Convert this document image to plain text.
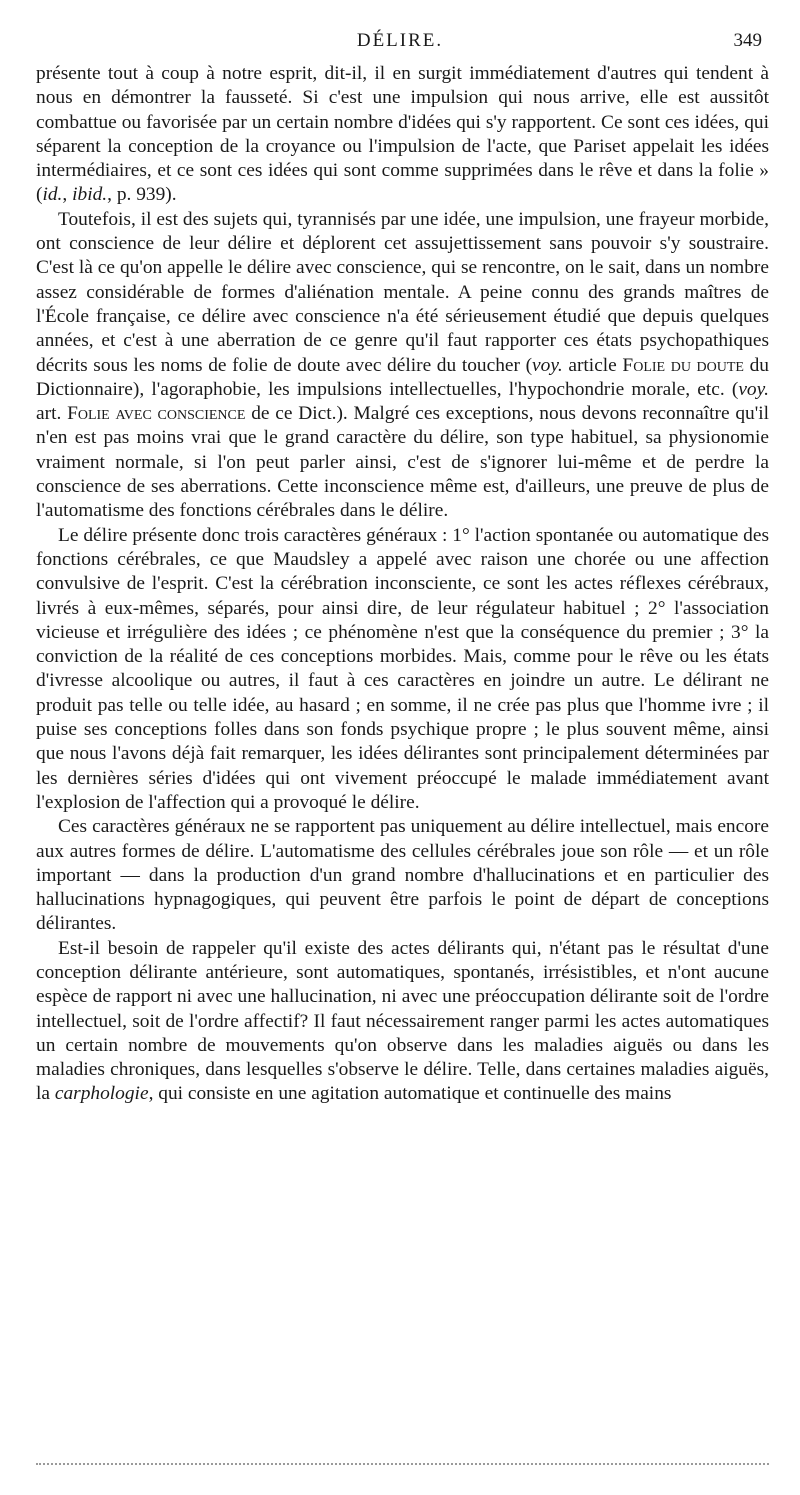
DÉLIRE.	349

présente tout à coup à notre esprit, dit-il, il en surgit immédiatement d'autres qui tendent à nous en démontrer la fausseté. Si c'est une impulsion qui nous arrive, elle est aussitôt combattue ou favorisée par un certain nombre d'idées qui s'y rapportent. Ce sont ces idées, qui séparent la conception de la croyance ou l'impulsion de l'acte, que Pariset appelait les idées intermédiaires, et ce sont ces idées qui sont comme supprimées dans le rêve et dans la folie » (id., ibid., p. 939).

Toutefois, il est des sujets qui, tyrannisés par une idée, une impulsion, une frayeur morbide, ont conscience de leur délire et déplorent cet assujettissement sans pouvoir s'y soustraire. C'est là ce qu'on appelle le délire avec conscience, qui se rencontre, on le sait, dans un nombre assez considérable de formes d'aliénation mentale. A peine connu des grands maîtres de l'École française, ce délire avec conscience n'a été sérieusement étudié que depuis quelques années, et c'est à une aberration de ce genre qu'il faut rapporter ces états psychopathiques décrits sous les noms de folie de doute avec délire du toucher (voy. article Folie du doute du Dictionnaire), l'agoraphobie, les impulsions intellectuelles, l'hypochondrie morale, etc. (voy. art. Folie avec conscience de ce Dict.). Malgré ces exceptions, nous devons reconnaître qu'il n'en est pas moins vrai que le grand caractère du délire, son type habituel, sa physionomie vraiment normale, si l'on peut parler ainsi, c'est de s'ignorer lui-même et de perdre la conscience de ses aberrations. Cette inconscience même est, d'ailleurs, une preuve de plus de l'automatisme des fonctions cérébrales dans le délire.

Le délire présente donc trois caractères généraux : 1° l'action spontanée ou automatique des fonctions cérébrales, ce que Maudsley a appelé avec raison une chorée ou une affection convulsive de l'esprit. C'est la cérébration inconsciente, ce sont les actes réflexes cérébraux, livrés à eux-mêmes, séparés, pour ainsi dire, de leur régulateur habituel ; 2° l'association vicieuse et irrégulière des idées ; ce phénomène n'est que la conséquence du premier ; 3° la conviction de la réalité de ces conceptions morbides. Mais, comme pour le rêve ou les états d'ivresse alcoolique ou autres, il faut à ces caractères en joindre un autre. Le délirant ne produit pas telle ou telle idée, au hasard ; en somme, il ne crée pas plus que l'homme ivre ; il puise ses conceptions folles dans son fonds psychique propre ; le plus souvent même, ainsi que nous l'avons déjà fait remarquer, les idées délirantes sont principalement déterminées par les dernières séries d'idées qui ont vivement préoccupé le malade immédiatement avant l'explosion de l'affection qui a provoqué le délire.

Ces caractères généraux ne se rapportent pas uniquement au délire intellectuel, mais encore aux autres formes de délire. L'automatisme des cellules cérébrales joue son rôle — et un rôle important — dans la production d'un grand nombre d'hallucinations et en particulier des hallucinations hypnagogiques, qui peuvent être parfois le point de départ de conceptions délirantes.

Est-il besoin de rappeler qu'il existe des actes délirants qui, n'étant pas le résultat d'une conception délirante antérieure, sont automatiques, spontanés, irrésistibles, et n'ont aucune espèce de rapport ni avec une hallucination, ni avec une préoccupation délirante soit de l'ordre intellectuel, soit de l'ordre affectif? Il faut nécessairement ranger parmi les actes automatiques un certain nombre de mouvements qu'on observe dans les maladies aiguës ou dans les maladies chroniques, dans lesquelles s'observe le délire. Telle, dans certaines maladies aiguës, la carphologie, qui consiste en une agitation automatique et continuelle des mains
